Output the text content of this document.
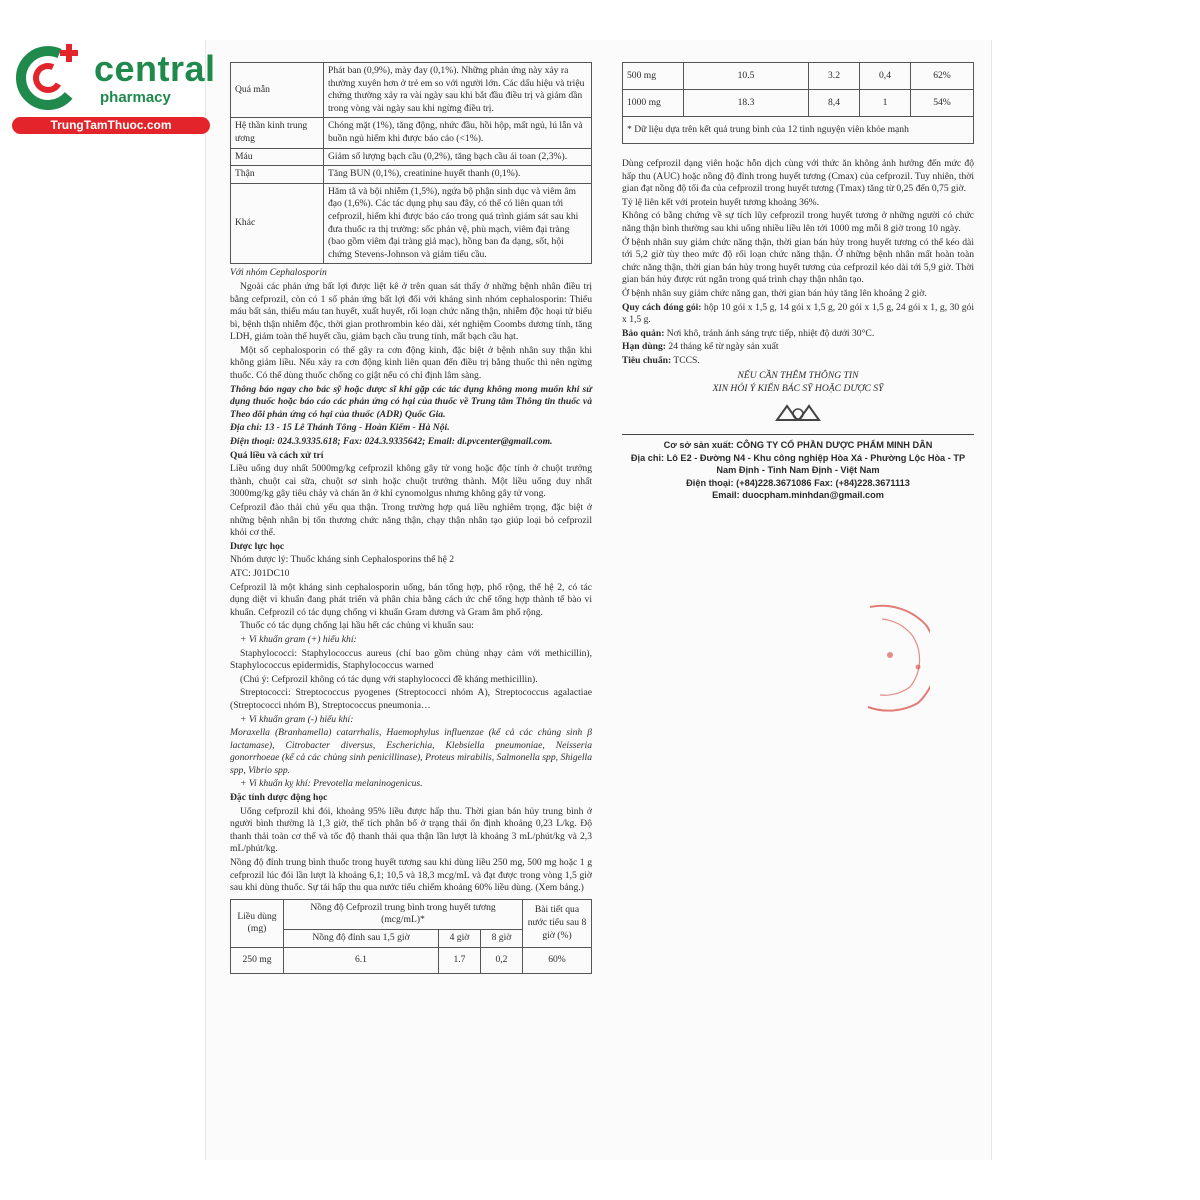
central
pharmacy
TrungTamThuoc.com
Quá mẫn	Phát ban (0,9%), mày đay (0,1%). Những phản ứng này xảy ra thường xuyên hơn ở trẻ em so với người lớn. Các dấu hiệu và triệu chứng thường xảy ra vài ngày sau khi bắt đầu điều trị và giảm dần trong vòng vài ngày sau khi ngừng điều trị.
Hệ thần kinh trung ương	Chóng mặt (1%), tăng động, nhức đầu, hồi hộp, mất ngủ, lú lẫn và buồn ngủ hiếm khi được báo cáo (<1%).
Máu	Giảm số lượng bạch cầu (0,2%), tăng bạch cầu ái toan (2,3%).
Thận	Tăng BUN (0,1%), creatinine huyết thanh (0,1%).
Khác	Hăm tã và bội nhiễm (1,5%), ngứa bộ phận sinh dục và viêm âm đạo (1,6%). Các tác dụng phụ sau đây, có thể có liên quan tới cefprozil, hiếm khi được báo cáo trong quá trình giám sát sau khi đưa thuốc ra thị trường: sốc phản vệ, phù mạch, viêm đại tràng (bao gồm viêm đại tràng giả mạc), hồng ban đa dạng, sốt, hội chứng Stevens-Johnson và giảm tiểu cầu.

Với nhóm Cephalosporin

Ngoài các phản ứng bất lợi được liệt kê ở trên quan sát thấy ở những bệnh nhân điều trị bằng cefprozil, còn có 1 số phản ứng bất lợi đối với kháng sinh nhóm cephalosporin: Thiếu máu bất sản, thiếu máu tan huyết, xuất huyết, rối loạn chức năng thận, nhiễm độc hoại tử biểu bì, bệnh thận nhiễm độc, thời gian prothrombin kéo dài, xét nghiệm Coombs dương tính, tăng LDH, giảm toàn thể huyết cầu, giảm bạch cầu trung tính, mất bạch cầu hạt.

Một số cephalosporin có thể gây ra cơn động kinh, đặc biệt ở bệnh nhân suy thận khi không giảm liều. Nếu xảy ra cơn động kinh liên quan đến điều trị bằng thuốc thì nên ngừng thuốc. Có thể dùng thuốc chống co giật nếu có chỉ định lâm sàng.

Thông báo ngay cho bác sỹ hoặc dược sĩ khi gặp các tác dụng không mong muốn khi sử dụng thuốc hoặc báo cáo các phản ứng có hại của thuốc về Trung tâm Thông tin thuốc và Theo dõi phản ứng có hại của thuốc (ADR) Quốc Gia.

Địa chỉ: 13 - 15 Lê Thánh Tông - Hoàn Kiếm - Hà Nội.

Điện thoại: 024.3.9335.618; Fax: 024.3.9335642; Email: di.pvcenter@gmail.com.

Quá liều và cách xử trí

Liều uống duy nhất 5000mg/kg cefprozil không gây tử vong hoặc độc tính ở chuột trưởng thành, chuột cai sữa, chuột sơ sinh hoặc chuột trưởng thành. Một liều uống duy nhất 3000mg/kg gây tiêu chảy và chán ăn ở khỉ cynomolgus nhưng không gây tử vong.

Cefprozil đào thải chủ yếu qua thận. Trong trường hợp quá liều nghiêm trọng, đặc biệt ở những bệnh nhân bị tổn thương chức năng thận, chạy thận nhân tạo giúp loại bỏ cefprozil khỏi cơ thể.

Dược lực học

Nhóm dược lý: Thuốc kháng sinh Cephalosporins thế hệ 2

ATC: J01DC10

Cefprozil là một kháng sinh cephalosporin uống, bán tổng hợp, phổ rộng, thế hệ 2, có tác dụng diệt vi khuẩn đang phát triển và phân chia bằng cách ức chế tổng hợp thành tế bào vi khuẩn. Cefprozil có tác dụng chống vi khuẩn Gram dương và Gram âm phổ rộng.

Thuốc có tác dụng chống lại hầu hết các chủng vi khuẩn sau:

+ Vi khuẩn gram (+) hiếu khí:

Staphylococci: Staphylococcus aureus (chỉ bao gồm chủng nhạy cảm với methicillin), Staphylococcus epidermidis, Staphylococcus warned

(Chú ý: Cefprozil không có tác dụng với staphylococci đề kháng methicillin).

Streptococci: Streptococcus pyogenes (Streptococci nhóm A), Streptococcus agalactiae (Streptococci nhóm B), Streptococcus pneumonia…

+ Vi khuẩn gram (-) hiếu khí:

Moraxella (Branhamella) catarrhalis, Haemophylus influenzae (kể cả các chủng sinh β lactamase), Citrobacter diversus, Escherichia, Klebsiella pneumoniae, Neisseria gonorrhoeae (kể cả các chủng sinh penicillinase), Proteus mirabilis, Salmonella spp, Shigella spp, Vibrio spp.

+ Vi khuẩn kỵ khí: Prevotella melaninogenicus.

Đặc tính dược động học

Uống cefprozil khi đói, khoảng 95% liều được hấp thu. Thời gian bán hủy trung bình ở người bình thường là 1,3 giờ, thể tích phân bố ở trạng thái ổn định khoảng 0,23 L/kg. Độ thanh thải toàn cơ thể và tốc độ thanh thải qua thận lần lượt là khoảng 3 mL/phút/kg và 2,3 mL/phút/kg.

Nồng độ đỉnh trung bình thuốc trong huyết tương sau khi dùng liều 250 mg, 500 mg hoặc 1 g cefprozil lúc đói lần lượt là khoảng 6,1; 10,5 và 18,3 mcg/mL và đạt được trong vòng 1,5 giờ sau khi dùng thuốc. Sự tái hấp thu qua nước tiểu chiếm khoảng 60% liều dùng. (Xem bảng.)

Liều dùng (mg)	Nồng độ Cefprozil trung bình trong huyết tương (mcg/mL)*			Bài tiết qua nước tiểu sau 8 giờ (%)
	Nồng độ đỉnh sau 1,5 giờ	4 giờ	8 giờ	
250 mg	6.1	1.7	0,2	60%
500 mg	10.5	3.2	0,4	62%
1000 mg	18.3	8,4	1	54%
* Dữ liệu dựa trên kết quả trung bình của 12 tình nguyện viên khỏe mạnh				

Dùng cefprozil dạng viên hoặc hỗn dịch cùng với thức ăn không ảnh hưởng đến mức độ hấp thu (AUC) hoặc nồng độ đỉnh trong huyết tương (Cmax) của cefprozil. Tuy nhiên, thời gian đạt nồng độ tối đa của cefprozil trong huyết tương (Tmax) tăng từ 0,25 đến 0,75 giờ.

Tỷ lệ liên kết với protein huyết tương khoảng 36%.

Không có bằng chứng về sự tích lũy cefprozil trong huyết tương ở những người có chức năng thận bình thường sau khi uống nhiều liều lên tới 1000 mg mỗi 8 giờ trong 10 ngày.

Ở bệnh nhân suy giảm chức năng thận, thời gian bán hủy trong huyết tương có thể kéo dài tới 5,2 giờ tùy theo mức độ rối loạn chức năng thận. Ở những bệnh nhân mất hoàn toàn chức năng thận, thời gian bán hủy trong huyết tương của cefprozil kéo dài tới 5,9 giờ. Thời gian bán hủy được rút ngắn trong quá trình chạy thận nhân tạo.

Ở bệnh nhân suy giảm chức năng gan, thời gian bán hủy tăng lên khoảng 2 giờ.

Quy cách đóng gói: hộp 10 gói x 1,5 g, 14 gói x 1,5 g, 20 gói x 1,5 g, 24 gói x 1, g, 30 gói x 1,5 g.

Bảo quản: Nơi khô, tránh ánh sáng trực tiếp, nhiệt độ dưới 30°C.

Hạn dùng: 24 tháng kể từ ngày sản xuất

Tiêu chuẩn: TCCS.

NẾU CẦN THÊM THÔNG TIN

XIN HỎI Ý KIẾN BÁC SỸ HOẶC DƯỢC SỸ

Cơ sở sản xuất: CÔNG TY CỔ PHẦN DƯỢC PHẨM MINH DÂN
Địa chỉ: Lô E2 - Đường N4 - Khu công nghiệp Hòa Xá - Phường Lộc Hòa - TP
Nam Định - Tỉnh Nam Định - Việt Nam
Điện thoại: (+84)228.3671086 Fax: (+84)228.3671113
Email: duocpham.minhdan@gmail.com
